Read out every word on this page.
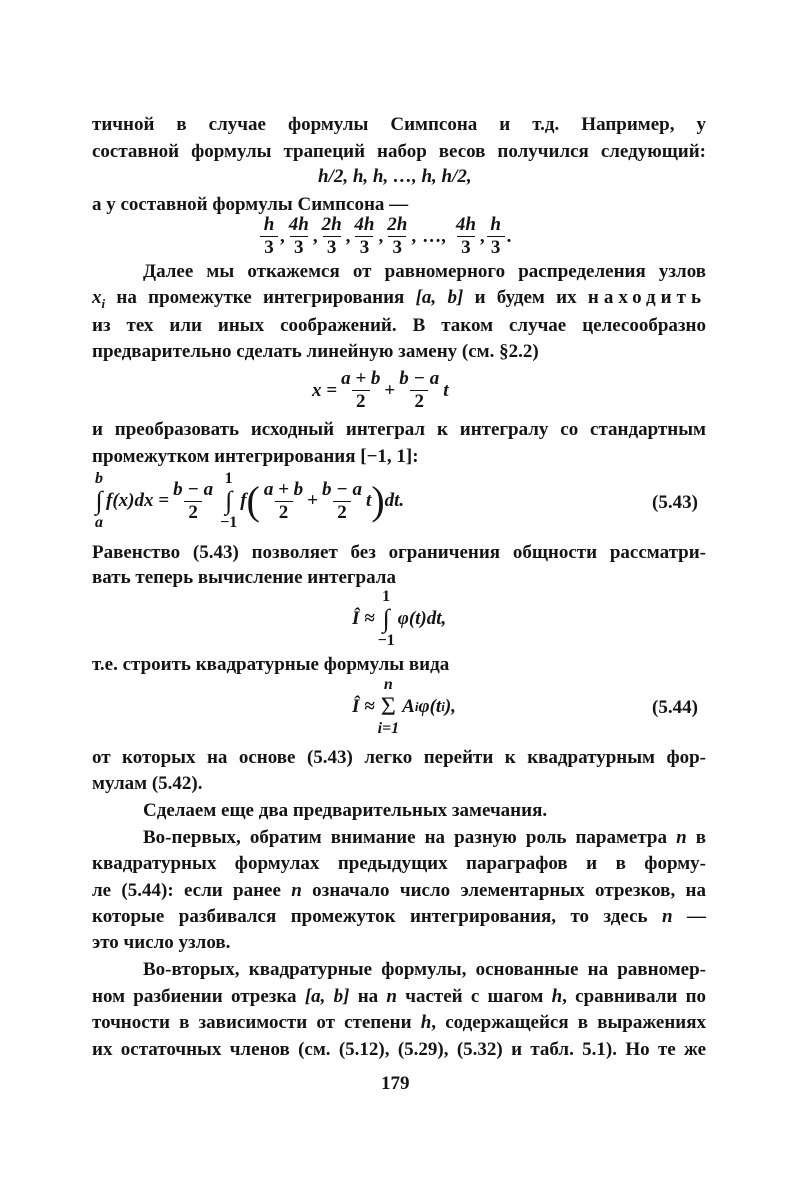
тичной в случае формулы Симпсона и т.д. Например, у
составной формулы трапеций набор весов получился следующий:
h/2, h, h, …, h, h/2,
а у составной формулы Симпсона —
$\frac{h}{3}$ , $\frac{4h}{3}$ , $\frac{2h}{3}$ , $\frac{4h}{3}$ , $\frac{2h}{3}$ , …, $\frac{4h}{3}$ , $\frac{h}{3}$ .
Далее мы откажемся от равномерного распределения узлов
$x_i$ на промежутке интегрирования [a, b] и будем их находить
из тех или иных соображений. В таком случае целесообразно
предварительно сделать линейную замену (см. §2.2)
$x = \frac{a + b}{2} + \frac{b - a}{2}$ t
и преобразовать исходный интеграл к интегралу со стандартным
промежутком интегрирования [−1, 1]:
b
∫
a
$f(x)dx = \frac{b - a}{2} 1$
∫
−1
f ( $\frac{a + b}{2} + \frac{b - a}{2}$ t ) dt.	(5.43)
Равенство (5.43) позволяет без ограничения общности рассматри-
вать теперь вычисление интеграла
Î ≈
1
∫
−1
φ(t)dt,
т.е. строить квадратурные формулы вида
Î ≈
n
Σ
i=1
A i φ(t i ),	(5.44)
от которых на основе (5.43) легко перейти к квадратурным фор-
мулам (5.42).
Сделаем еще два предварительных замечания.
Во-первых, обратим внимание на разную роль параметра n в
квадратурных формулах предыдущих параграфов и в форму-
ле (5.44): если ранее n означало число элементарных отрезков, на
которые разбивался промежуток интегрирования, то здесь n —
это число узлов.
Во-вторых, квадратурные формулы, основанные на равномер-
ном разбиении отрезка [a, b] на n частей с шагом h, сравнивали по
точности в зависимости от степени h, содержащейся в выражениях
их остаточных членов (см. (5.12), (5.29), (5.32) и табл. 5.1). Но те же
179
